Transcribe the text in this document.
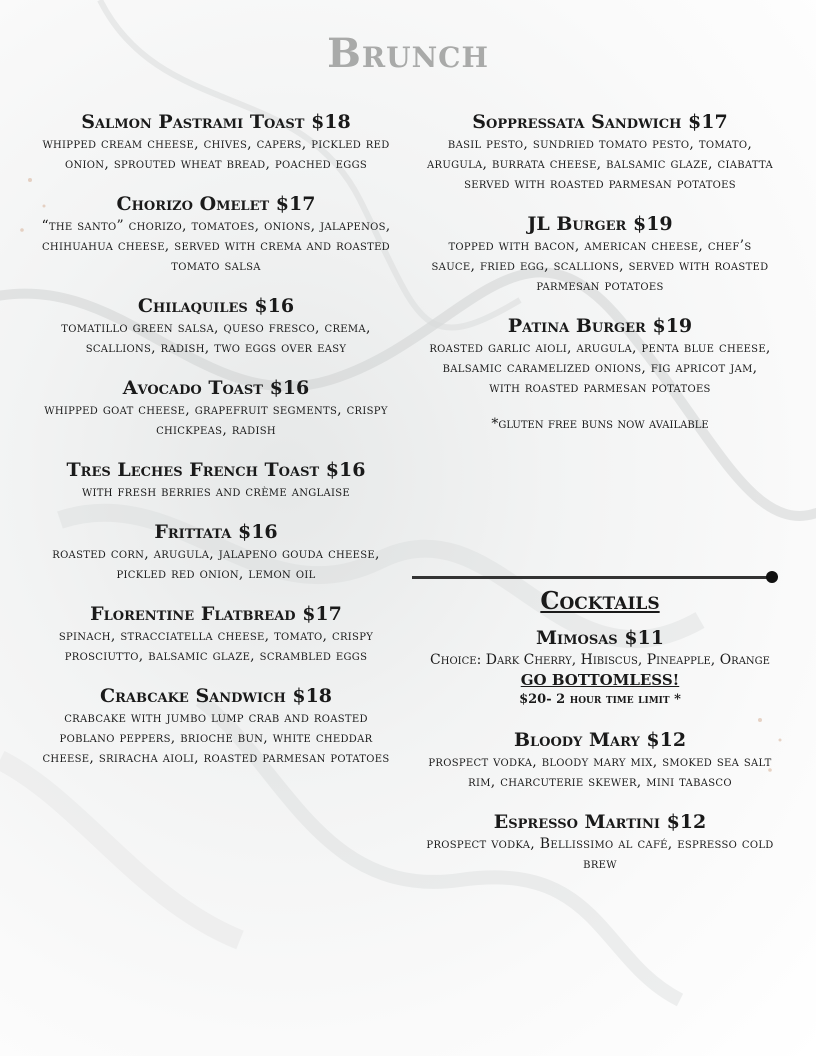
Brunch
Salmon Pastrami Toast $18
whipped cream cheese, chives, capers, pickled red onion, sprouted wheat bread, poached eggs
Chorizo Omelet $17
“the santo” chorizo, tomatoes, onions, jalapenos, chihuahua cheese, served with crema and roasted tomato salsa
Chilaquiles $16
tomatillo green salsa, queso fresco, crema, scallions, radish, two eggs over easy
Avocado Toast $16
whipped goat cheese, grapefruit segments, crispy chickpeas, radish
Tres Leches French Toast $16
with fresh berries and crème anglaise
Frittata $16
roasted corn, arugula, jalapeno gouda cheese, pickled red onion, lemon oil
Florentine Flatbread $17
spinach, stracciatella cheese, tomato, crispy prosciutto, balsamic glaze, scrambled eggs
Crabcake Sandwich $18
crabcake with jumbo lump crab and roasted poblano peppers, brioche bun, white cheddar cheese, sriracha aioli, roasted parmesan potatoes
Soppressata Sandwich $17
basil pesto, sundried tomato pesto, tomato, arugula, burrata cheese, balsamic glaze, ciabatta served with roasted parmesan potatoes
JL Burger $19
topped with bacon, american cheese, chef’s sauce, fried egg, scallions, served with roasted parmesan potatoes
Patina Burger $19
roasted garlic aioli, arugula, penta blue cheese, balsamic caramelized onions, fig apricot jam, with roasted parmesan potatoes
*gluten free buns now available
Cocktails
Mimosas $11
Choice: Dark Cherry, Hibiscus, Pineapple, Orange
GO BOTTOMLESS!
$20- 2 hour time limit *
Bloody Mary $12
prospect vodka, bloody mary mix, smoked sea salt rim, charcuterie skewer, mini tabasco
Espresso Martini $12
prospect vodka, Bellissimo al café, espresso cold brew
